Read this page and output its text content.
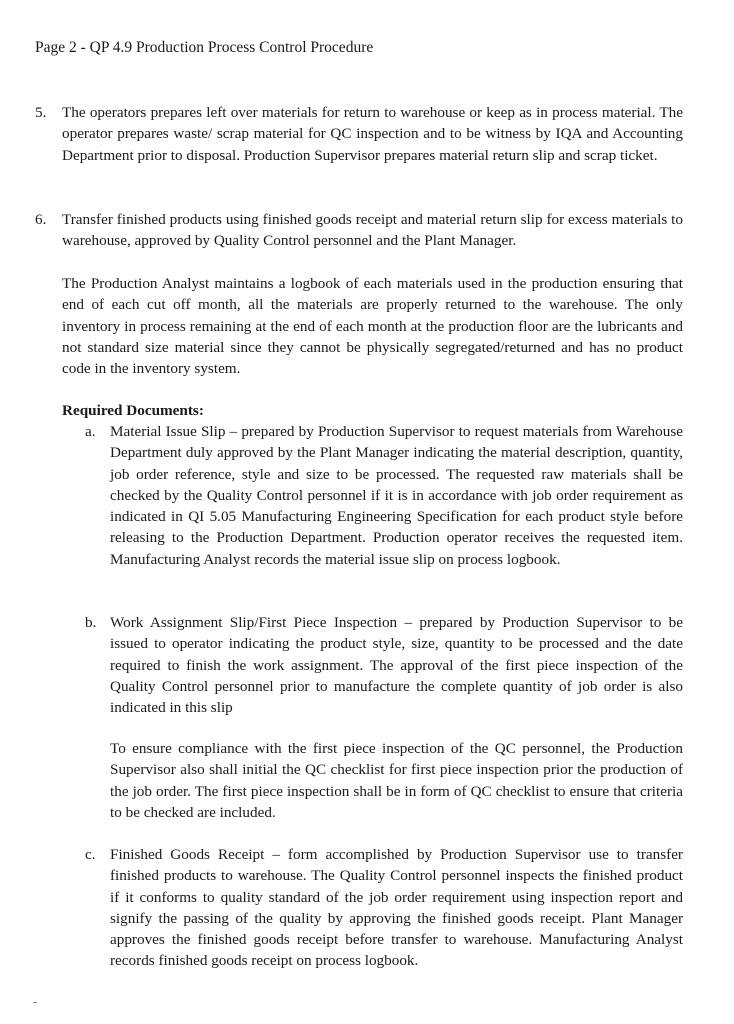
Page 2 - QP 4.9 Production Process Control Procedure
5. The operators prepares left over materials for return to warehouse or keep as in process material. The operator prepares waste/ scrap material for QC inspection and to be witness by IQA and Accounting Department prior to disposal. Production Supervisor prepares material return slip and scrap ticket.
6. Transfer finished products using finished goods receipt and material return slip for excess materials to warehouse, approved by Quality Control personnel and the Plant Manager.
The Production Analyst maintains a logbook of each materials used in the production ensuring that end of each cut off month, all the materials are properly returned to the warehouse. The only inventory in process remaining at the end of each month at the production floor are the lubricants and not standard size material since they cannot be physically segregated/returned and has no product code in the inventory system.
Required Documents:
a. Material Issue Slip – prepared by Production Supervisor to request materials from Warehouse Department duly approved by the Plant Manager indicating the material description, quantity, job order reference, style and size to be processed. The requested raw materials shall be checked by the Quality Control personnel if it is in accordance with job order requirement as indicated in QI 5.05 Manufacturing Engineering Specification for each product style before releasing to the Production Department. Production operator receives the requested item. Manufacturing Analyst records the material issue slip on process logbook.
b. Work Assignment Slip/First Piece Inspection – prepared by Production Supervisor to be issued to operator indicating the product style, size, quantity to be processed and the date required to finish the work assignment. The approval of the first piece inspection of the Quality Control personnel prior to manufacture the complete quantity of job order is also indicated in this slip
To ensure compliance with the first piece inspection of the QC personnel, the Production Supervisor also shall initial the QC checklist for first piece inspection prior the production of the job order. The first piece inspection shall be in form of QC checklist to ensure that criteria to be checked are included.
c. Finished Goods Receipt – form accomplished by Production Supervisor use to transfer finished products to warehouse. The Quality Control personnel inspects the finished product if it conforms to quality standard of the job order requirement using inspection report and signify the passing of the quality by approving the finished goods receipt. Plant Manager approves the finished goods receipt before transfer to warehouse. Manufacturing Analyst records finished goods receipt on process logbook.
